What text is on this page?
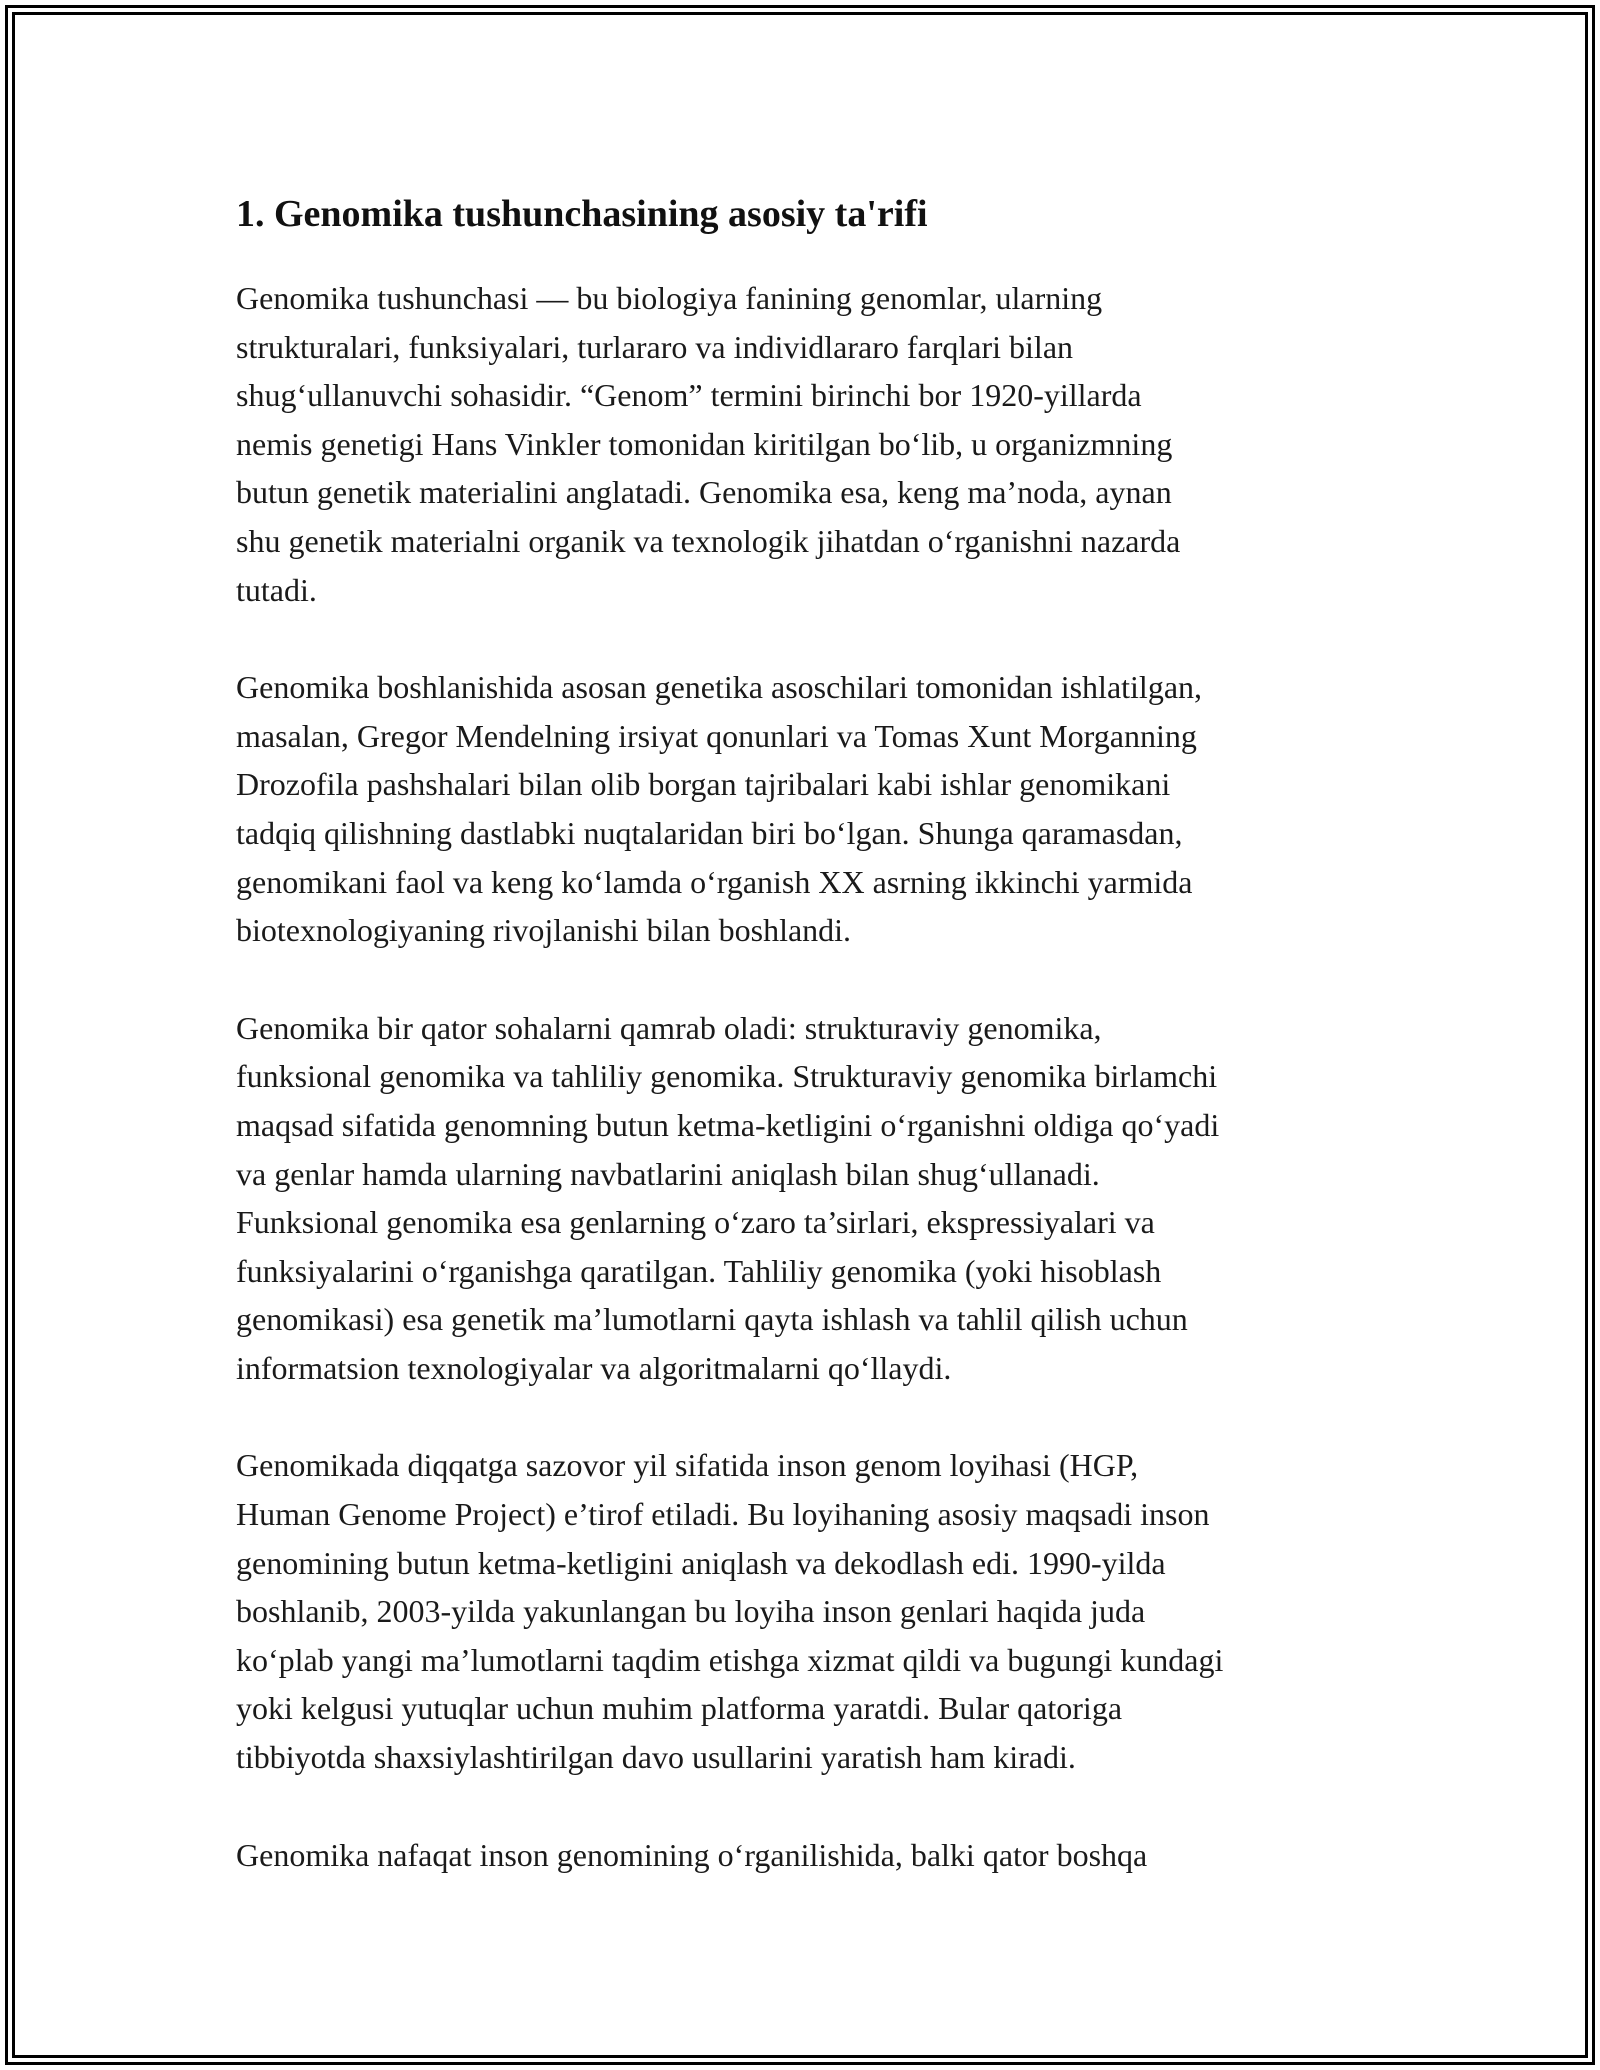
1. Genomika tushunchasining asosiy ta'rifi

Genomika tushunchasi — bu biologiya fanining genomlar, ularning
strukturalari, funksiyalari, turlararo va individlararo farqlari bilan
shug‘ullanuvchi sohasidir. “Genom” termini birinchi bor 1920-yillarda
nemis genetigi Hans Vinkler tomonidan kiritilgan bo‘lib, u organizmning
butun genetik materialini anglatadi. Genomika esa, keng ma’noda, aynan
shu genetik materialni organik va texnologik jihatdan o‘rganishni nazarda
tutadi.

Genomika boshlanishida asosan genetika asoschilari tomonidan ishlatilgan,
masalan, Gregor Mendelning irsiyat qonunlari va Tomas Xunt Morganning
Drozofila pashshalari bilan olib borgan tajribalari kabi ishlar genomikani
tadqiq qilishning dastlabki nuqtalaridan biri bo‘lgan. Shunga qaramasdan,
genomikani faol va keng ko‘lamda o‘rganish XX asrning ikkinchi yarmida
biotexnologiyaning rivojlanishi bilan boshlandi.

Genomika bir qator sohalarni qamrab oladi: strukturaviy genomika,
funksional genomika va tahliliy genomika. Strukturaviy genomika birlamchi
maqsad sifatida genomning butun ketma-ketligini o‘rganishni oldiga qo‘yadi
va genlar hamda ularning navbatlarini aniqlash bilan shug‘ullanadi.
Funksional genomika esa genlarning o‘zaro ta’sirlari, ekspressiyalari va
funksiyalarini o‘rganishga qaratilgan. Tahliliy genomika (yoki hisoblash
genomikasi) esa genetik ma’lumotlarni qayta ishlash va tahlil qilish uchun
informatsion texnologiyalar va algoritmalarni qo‘llaydi.

Genomikada diqqatga sazovor yil sifatida inson genom loyihasi (HGP,
Human Genome Project) e’tirof etiladi. Bu loyihaning asosiy maqsadi inson
genomining butun ketma-ketligini aniqlash va dekodlash edi. 1990-yilda
boshlanib, 2003-yilda yakunlangan bu loyiha inson genlari haqida juda
ko‘plab yangi ma’lumotlarni taqdim etishga xizmat qildi va bugungi kundagi
yoki kelgusi yutuqlar uchun muhim platforma yaratdi. Bular qatoriga
tibbiyotda shaxsiylashtirilgan davo usullarini yaratish ham kiradi.

Genomika nafaqat inson genomining o‘rganilishida, balki qator boshqa
